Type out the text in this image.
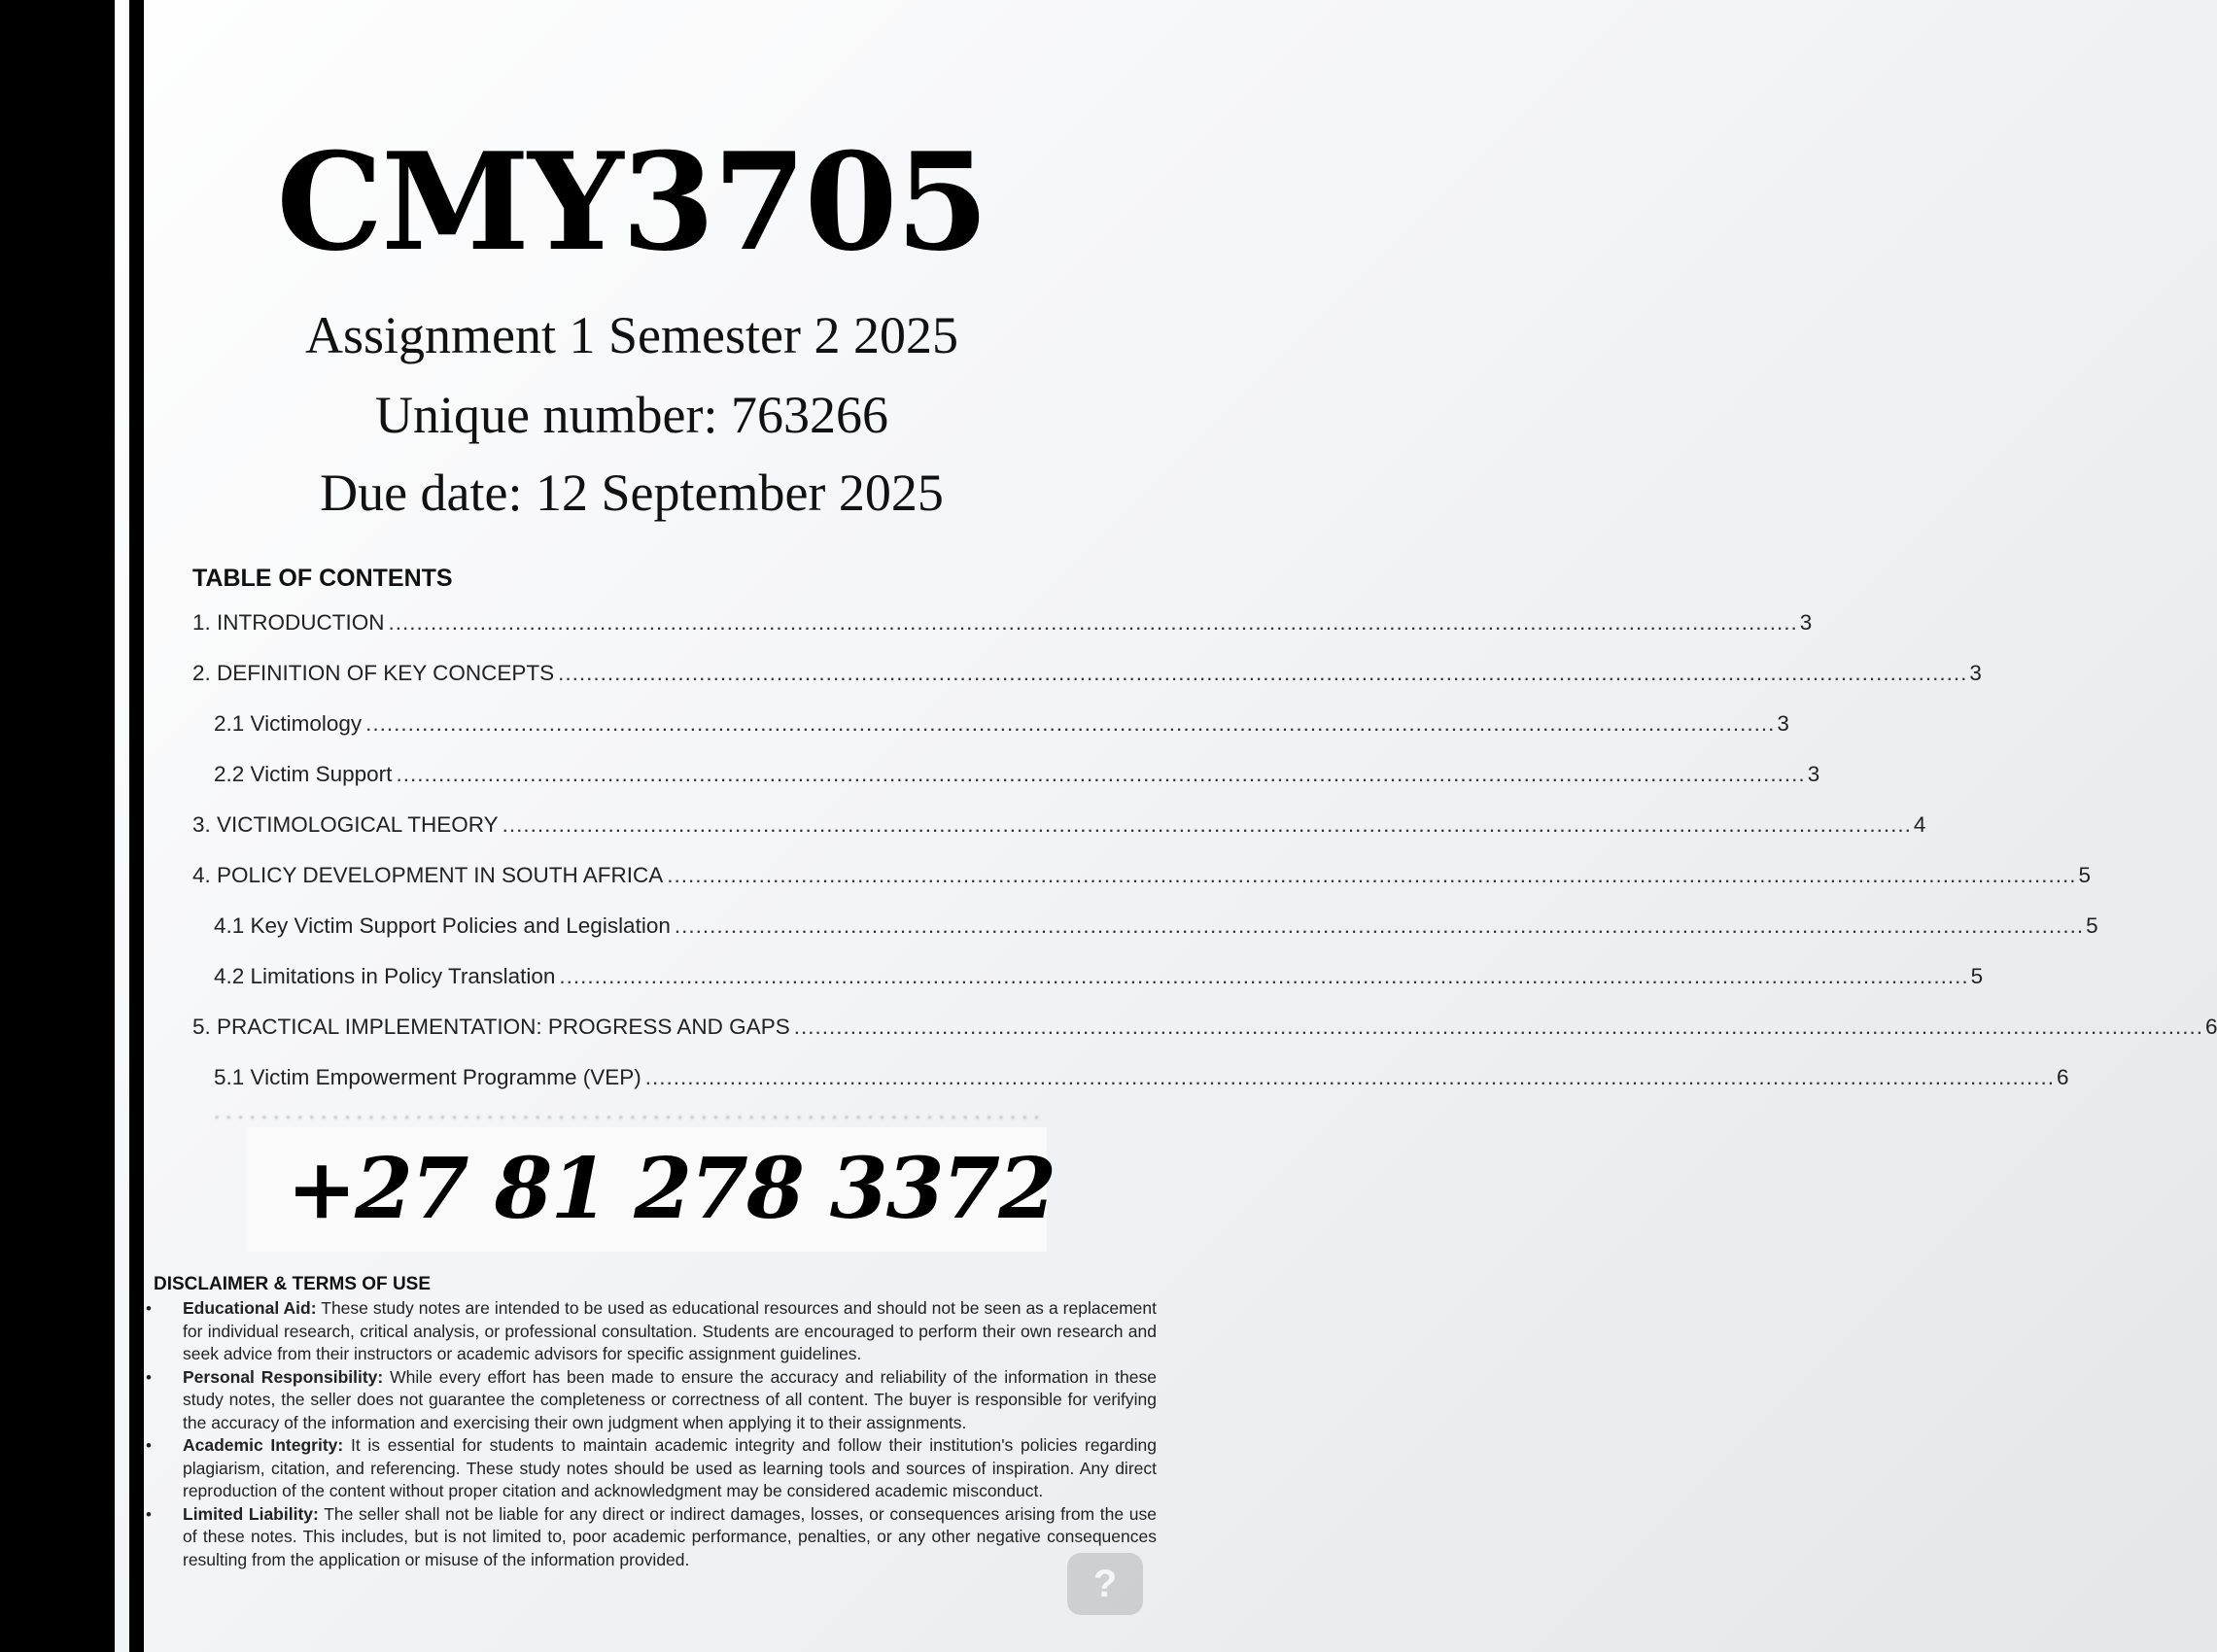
CMY3705
Assignment 1 Semester 2 2025
Unique number: 763266
Due date: 12 September 2025
TABLE OF CONTENTS
1. INTRODUCTION ........................................................................................................................................................................................................ 3
2. DEFINITION OF KEY CONCEPTS ........................................................................................................................................................................................................ 3
2.1 Victimology ........................................................................................................................................................................................................ 3
2.2 Victim Support ........................................................................................................................................................................................................ 3
3. VICTIMOLOGICAL THEORY ........................................................................................................................................................................................................ 4
4. POLICY DEVELOPMENT IN SOUTH AFRICA ........................................................................................................................................................................................................ 5
4.1 Key Victim Support Policies and Legislation ........................................................................................................................................................................................................ 5
4.2 Limitations in Policy Translation ........................................................................................................................................................................................................ 5
5. PRACTICAL IMPLEMENTATION: PROGRESS AND GAPS ........................................................................................................................................................................................................ 6
5.1 Victim Empowerment Programme (VEP) ........................................................................................................................................................................................................ 6
. . . . . . . . . . . . . . . . . . . . . . . . . . . . . . . . . . . . . . . . . . . . . . . . . . . . . . . . . . . . . . . . . . . . . .
+27 81 278 3372
DISCLAIMER & TERMS OF USE
• Educational Aid: These study notes are intended to be used as educational resources and should not be seen as a replacement for individual research, critical analysis, or professional consultation. Students are encouraged to perform their own research and seek advice from their instructors or academic advisors for specific assignment guidelines.
• Personal Responsibility: While every effort has been made to ensure the accuracy and reliability of the information in these study notes, the seller does not guarantee the completeness or correctness of all content. The buyer is responsible for verifying the accuracy of the information and exercising their own judgment when applying it to their assignments.
• Academic Integrity: It is essential for students to maintain academic integrity and follow their institution's policies regarding plagiarism, citation, and referencing. These study notes should be used as learning tools and sources of inspiration. Any direct reproduction of the content without proper citation and acknowledgment may be considered academic misconduct.
• Limited Liability: The seller shall not be liable for any direct or indirect damages, losses, or consequences arising from the use of these notes. This includes, but is not limited to, poor academic performance, penalties, or any other negative consequences resulting from the application or misuse of the information provided.
?
